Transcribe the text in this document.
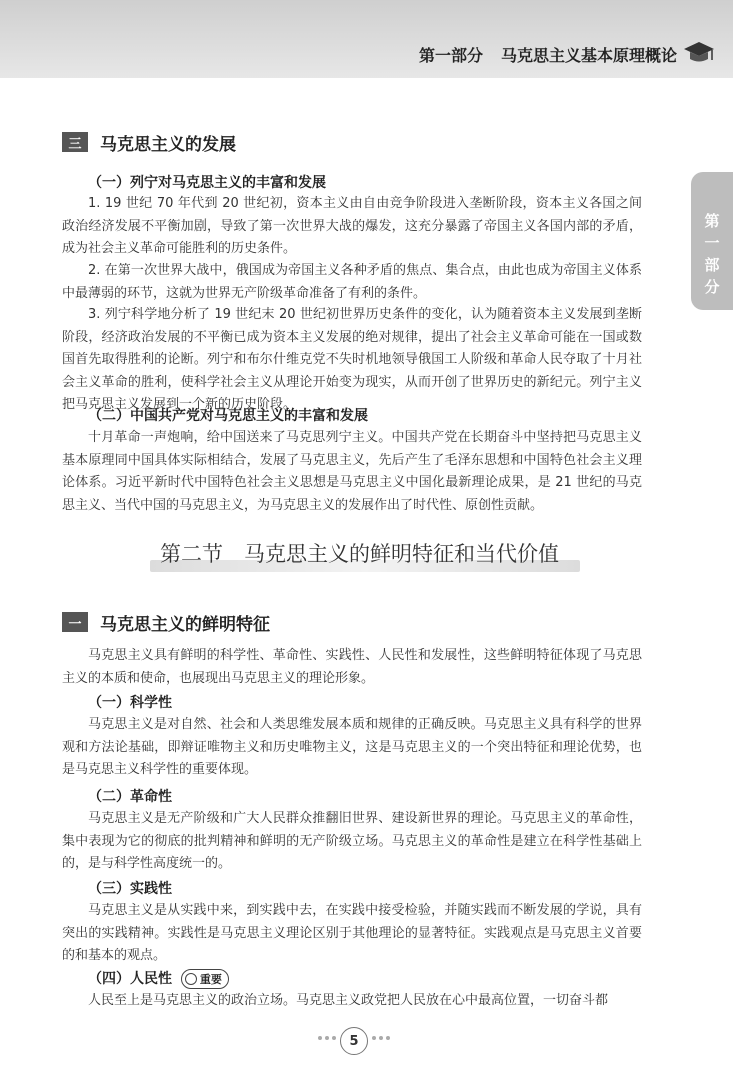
第一部分 马克思主义基本原理概论
第
一
部
分
三	马克思主义的发展
（一）列宁对马克思主义的丰富和发展
1. 19 世纪 70 年代到 20 世纪初，资本主义由自由竞争阶段进入垄断阶段，资本主义各国之间政治经济发展不平衡加剧，导致了第一次世界大战的爆发，这充分暴露了帝国主义各国内部的矛盾，成为社会主义革命可能胜利的历史条件。
2. 在第一次世界大战中，俄国成为帝国主义各种矛盾的焦点、集合点，由此也成为帝国主义体系中最薄弱的环节，这就为世界无产阶级革命准备了有利的条件。
3. 列宁科学地分析了 19 世纪末 20 世纪初世界历史条件的变化，认为随着资本主义发展到垄断阶段，经济政治发展的不平衡已成为资本主义发展的绝对规律，提出了社会主义革命可能在一国或数国首先取得胜利的论断。列宁和布尔什维克党不失时机地领导俄国工人阶级和革命人民夺取了十月社会主义革命的胜利，使科学社会主义从理论开始变为现实，从而开创了世界历史的新纪元。列宁主义把马克思主义发展到一个新的历史阶段。
（二）中国共产党对马克思主义的丰富和发展
十月革命一声炮响，给中国送来了马克思列宁主义。中国共产党在长期奋斗中坚持把马克思主义基本原理同中国具体实际相结合，发展了马克思主义，先后产生了毛泽东思想和中国特色社会主义理论体系。习近平新时代中国特色社会主义思想是马克思主义中国化最新理论成果，是 21 世纪的马克思主义、当代中国的马克思主义，为马克思主义的发展作出了时代性、原创性贡献。
第二节　马克思主义的鲜明特征和当代价值
一	马克思主义的鲜明特征
马克思主义具有鲜明的科学性、革命性、实践性、人民性和发展性，这些鲜明特征体现了马克思主义的本质和使命，也展现出马克思主义的理论形象。
（一）科学性
马克思主义是对自然、社会和人类思维发展本质和规律的正确反映。马克思主义具有科学的世界观和方法论基础，即辩证唯物主义和历史唯物主义，这是马克思主义的一个突出特征和理论优势，也是马克思主义科学性的重要体现。
（二）革命性
马克思主义是无产阶级和广大人民群众推翻旧世界、建设新世界的理论。马克思主义的革命性，集中表现为它的彻底的批判精神和鲜明的无产阶级立场。马克思主义的革命性是建立在科学性基础上的，是与科学性高度统一的。
（三）实践性
马克思主义是从实践中来，到实践中去，在实践中接受检验，并随实践而不断发展的学说，具有突出的实践精神。实践性是马克思主义理论区别于其他理论的显著特征。实践观点是马克思主义首要的和基本的观点。
（四）人民性	重要
人民至上是马克思主义的政治立场。马克思主义政党把人民放在心中最高位置，一切奋斗都
5
